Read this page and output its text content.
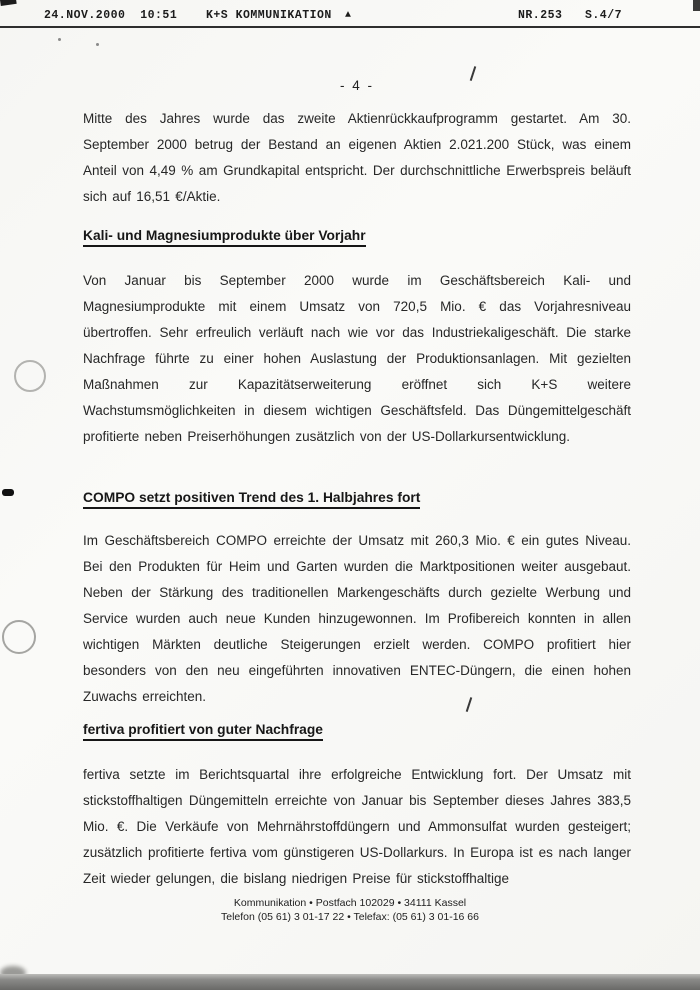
24.NOV.2000  10:51	K+S KOMMUNIKATION ▲	NR.253 S.4/7
- 4 -

Mitte des Jahres wurde das zweite Aktienrückkaufprogramm gestartet. Am 30. September 2000 betrug der Bestand an eigenen Aktien 2.021.200 Stück, was einem Anteil von 4,49 % am Grundkapital entspricht. Der durchschnittliche Erwerbspreis beläuft sich auf 16,51 €/Aktie.

Kali- und Magnesiumprodukte über Vorjahr

Von Januar bis September 2000 wurde im Geschäftsbereich Kali- und Magnesiumprodukte mit einem Umsatz von 720,5 Mio. € das Vorjahresniveau übertroffen. Sehr erfreulich verläuft nach wie vor das Industriekaligeschäft. Die starke Nachfrage führte zu einer hohen Auslastung der Produktionsanlagen. Mit gezielten Maßnahmen zur Kapazitätserweiterung eröffnet sich K+S weitere Wachstumsmöglichkeiten in diesem wichtigen Geschäftsfeld. Das Düngemittelgeschäft profitierte neben Preiserhöhungen zusätzlich von der US-Dollarkursentwicklung.

COMPO setzt positiven Trend des 1. Halbjahres fort

Im Geschäftsbereich COMPO erreichte der Umsatz mit 260,3 Mio. € ein gutes Niveau. Bei den Produkten für Heim und Garten wurden die Marktpositionen weiter ausgebaut. Neben der Stärkung des traditionellen Markengeschäfts durch gezielte Werbung und Service wurden auch neue Kunden hinzugewonnen. Im Profibereich konnten in allen wichtigen Märkten deutliche Steigerungen erzielt werden. COMPO profitiert hier besonders von den neu eingeführten innovativen ENTEC-Düngern, die einen hohen Zuwachs erreichten.

fertiva profitiert von guter Nachfrage

fertiva setzte im Berichtsquartal ihre erfolgreiche Entwicklung fort. Der Umsatz mit stickstoffhaltigen Düngemitteln erreichte von Januar bis September dieses Jahres 383,5 Mio. €. Die Verkäufe von Mehrnährstoffdüngern und Ammonsulfat wurden gesteigert; zusätzlich profitierte fertiva vom günstigeren US-Dollarkurs. In Europa ist es nach langer Zeit wieder gelungen, die bislang niedrigen Preise für stickstoffhaltige

Kommunikation • Postfach 102029 • 34111 Kassel
Telefon (05 61) 3 01-17 22 • Telefax: (05 61) 3 01-16 66
